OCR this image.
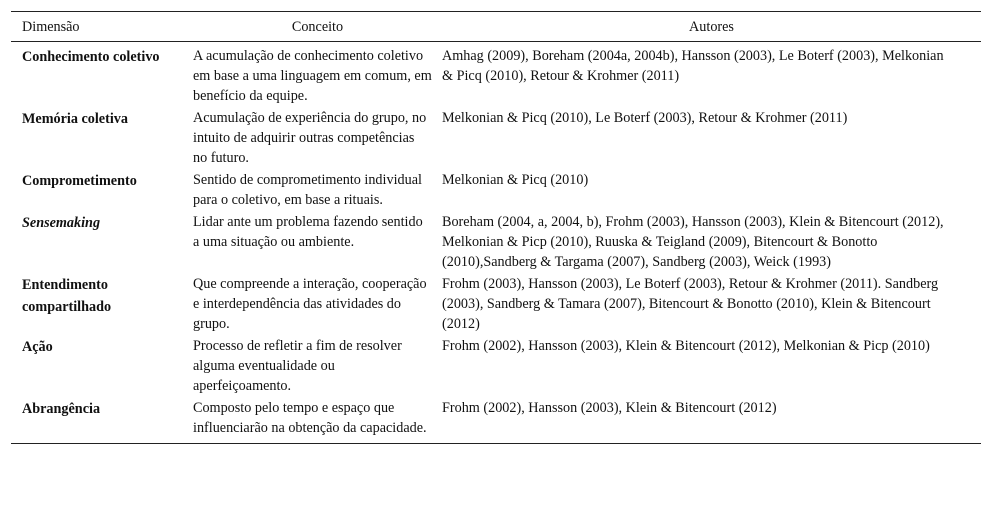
Dimensão	Conceito	Autores
Conhecimento coletivo	A acumulação de conhecimento coletivo em base a uma linguagem em comum, em benefício da equipe.	Amhag (2009), Boreham (2004a, 2004b), Hansson (2003), Le Boterf (2003), Melkonian & Picq (2010), Retour & Krohmer (2011)
Memória coletiva	Acumulação de experiência do grupo, no intuito de adquirir outras competências no futuro.	Melkonian & Picq (2010), Le Boterf (2003), Retour & Krohmer (2011)
Comprometimento	Sentido de comprometimento individual para o coletivo, em base a rituais.	Melkonian & Picq (2010)
Sensemaking	Lidar ante um problema fazendo sentido a uma situação ou ambiente.	Boreham (2004, a, 2004, b), Frohm (2003), Hansson (2003), Klein & Bitencourt (2012), Melkonian & Picp (2010), Ruuska & Teigland (2009), Bitencourt & Bonotto (2010),Sandberg & Targama (2007), Sandberg (2003), Weick (1993)
Entendimento compartilhado	Que compreende a interação, cooperação e interdependência das atividades do grupo.	Frohm (2003), Hansson (2003), Le Boterf (2003), Retour & Krohmer (2011). Sandberg (2003), Sandberg & Tamara (2007), Bitencourt & Bonotto (2010), Klein & Bitencourt (2012)
Ação	Processo de refletir a fim de resolver alguma eventualidade ou aperfeiçoamento.	Frohm (2002), Hansson (2003), Klein & Bitencourt (2012), Melkonian & Picp (2010)
Abrangência	Composto pelo tempo e espaço que influenciarão na obtenção da capacidade.	Frohm (2002), Hansson (2003), Klein & Bitencourt (2012)
